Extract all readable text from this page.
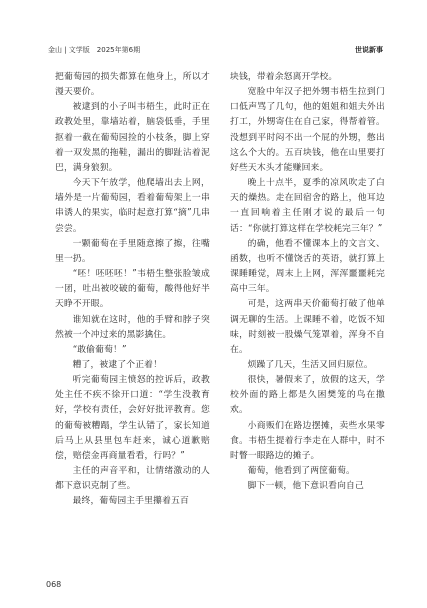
金山 | 文学版　2025年第6期	世说新事

把葡萄园的损失都算在他身上，所以才漫天要价。

被逮到的小子叫韦梧生，此时正在政教处里，靠墙站着，脑袋低垂，手里抠着一截在葡萄园捡的小枝条，脚上穿着一双发黑的拖鞋，漏出的脚趾沾着泥巴，满身狼狈。

今天下午放学，他爬墙出去上网，墙外是一片葡萄园，看着葡萄架上一串串诱人的果实，临时起意打算“摘”几串尝尝。

一颗葡萄在手里随意擦了擦，往嘴里一扔。

“呸！呸呸呸！”韦梧生整张脸皱成一团，吐出被咬破的葡萄，酸得他好半天睁不开眼。

谁知就在这时，他的手臂和脖子突然被一个冲过来的黑影擒住。

“敢偷葡萄！”

糟了，被逮了个正着！

听完葡萄园主愤怒的控诉后，政教处主任不疾不徐开口道：“学生没教育好，学校有责任，会好好批评教育。您的葡萄被糟蹋，学生认错了，家长知道后马上从县里包车赶来，诚心道歉赔偿，赔偿金再商量看看，行吗？”

主任的声音平和，让情绪激动的人都下意识克制了些。

最终，葡萄园主手里攥着五百

块钱，带着余怒离开学校。

宽脸中年汉子把外甥韦梧生拉到门口低声骂了几句，他的姐姐和姐夫外出打工，外甥寄住在自己家，得帮着管。没想到平时闷不出一个屁的外甥，憋出这么个大的。五百块钱，他在山里要打好些天木头才能赚回来。

晚上十点半，夏季的凉风吹走了白天的燥热。走在回宿舍的路上，他耳边一直回响着主任刚才说的最后一句话：“你就打算这样在学校耗完三年？”

的确，他看不懂课本上的文言文、函数，也听不懂饶舌的英语，就打算上课睡睡觉，周末上上网，浑浑噩噩耗完高中三年。

可是，这两串天价葡萄打破了他单调无聊的生活。上课睡不着，吃饭不知味，时刻被一股燥气笼罩着，浑身不自在。

烦躁了几天，生活又回归原位。

很快，暑假来了，放假的这天，学校外面的路上都是久困樊笼的鸟在撒欢。

小商贩们在路边摆摊，卖些水果零食。韦梧生提着行李走在人群中，时不时瞥一眼路边的摊子。

葡萄，他看到了两筐葡萄。

脚下一顿，他下意识看向自己

068
